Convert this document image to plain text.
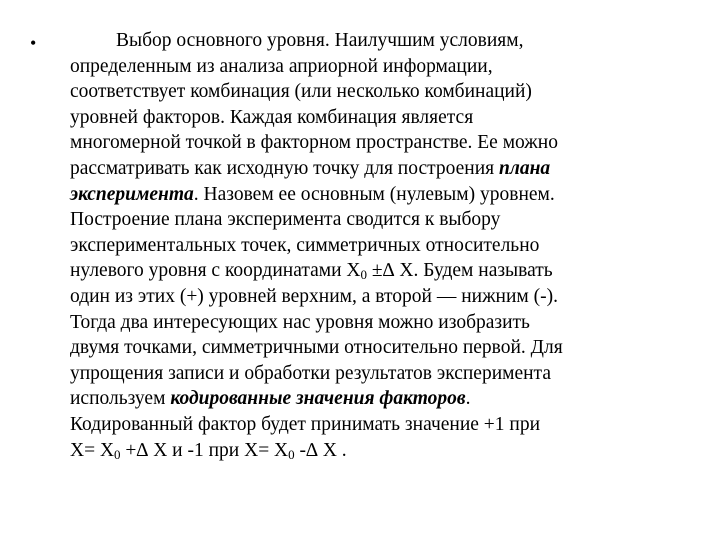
•	Выбор основного уровня. Наилучшим условиям,
определенным из анализа априорной информации,
соответствует комбинация (или несколько комбинаций)
уровней факторов. Каждая комбинация является
многомерной точкой в факторном пространстве. Ее можно
рассматривать как исходную точку для построения плана
эксперимента. Назовем ее основным (нулевым) уровнем.
Построение плана эксперимента сводится к выбору
экспериментальных точек, симметричных относительно
нулевого уровня с координатами $Х_0$ ±∆ Х. Будем называть
один из этих (+) уровней верхним, а второй — нижним (-).
Тогда два интересующих нас уровня можно изобразить
двумя точками, симметричными относительно первой. Для
упрощения записи и обработки результатов эксперимента
используем кодированные значения факторов.
Кодированный фактор будет принимать значение +1 при
$Х= Х_0$ +∆ Х и -1 при $Х= Х_0$ -∆ Х .
